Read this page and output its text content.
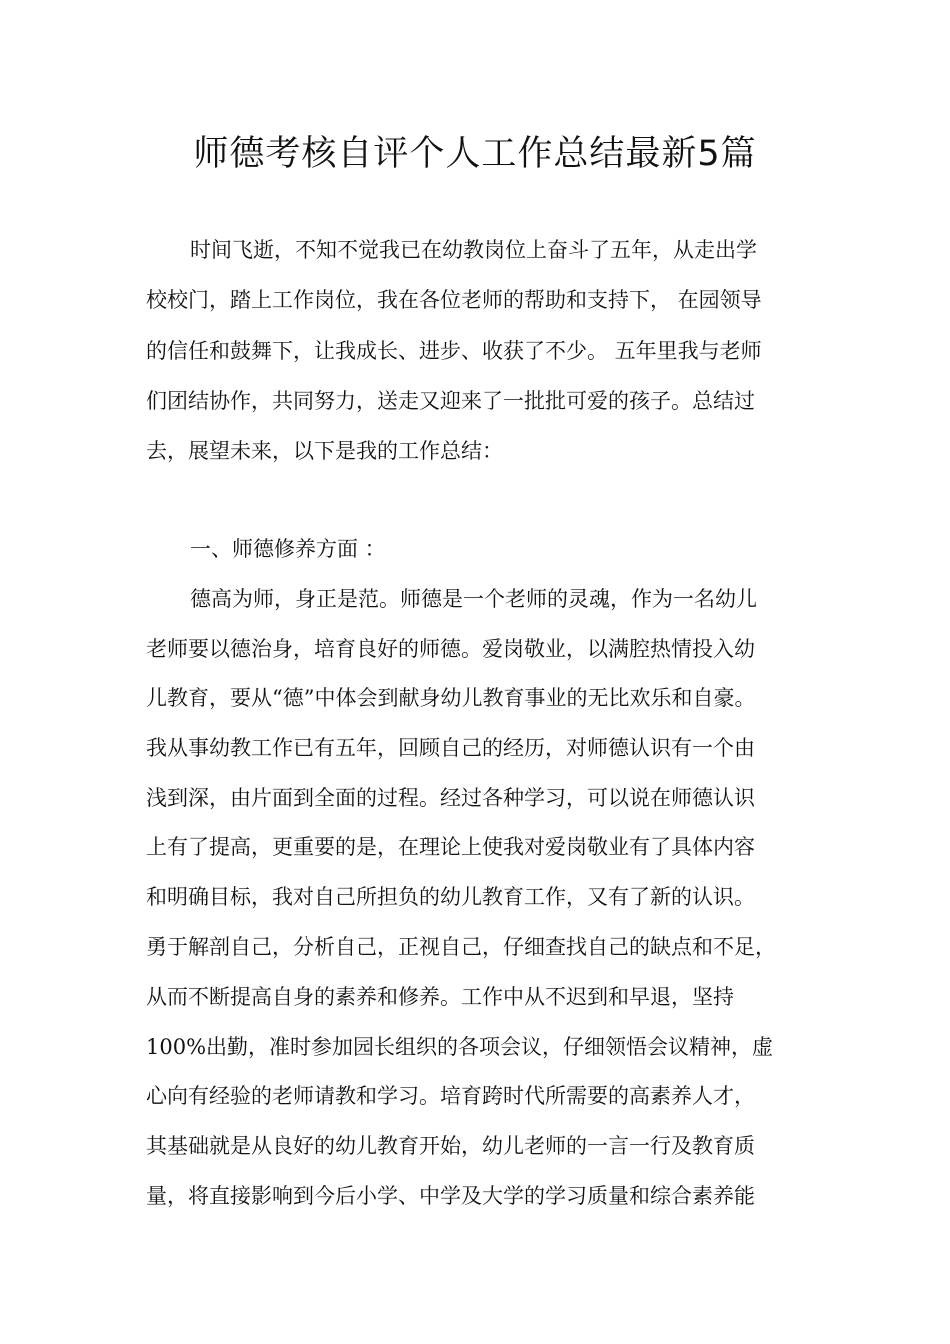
师德考核自评个人工作总结最新5篇
时间飞逝，不知不觉我已在幼教岗位上奋斗了五年，从走出学
校校门，踏上工作岗位，我在各位老师的帮助和支持下， 在园领导
的信任和鼓舞下，让我成长、进步、收获了不少。 五年里我与老师
们团结协作，共同努力，送走又迎来了一批批可爱的孩子。总结过
去，展望未来，以下是我的工作总结：
一、师德修养方面 ：
德高为师，身正是范。师德是一个老师的灵魂，作为一名幼儿
老师要以德治身，培育良好的师德。爱岗敬业，以满腔热情投入幼
儿教育，要从“德”中体会到献身幼儿教育事业的无比欢乐和自豪。
我从事幼教工作已有五年，回顾自己的经历，对师德认识有一个由
浅到深，由片面到全面的过程。经过各种学习，可以说在师德认识
上有了提高，更重要的是，在理论上使我对爱岗敬业有了具体内容
和明确目标，我对自己所担负的幼儿教育工作，又有了新的认识。
勇于解剖自己，分析自己，正视自己，仔细查找自己的缺点和不足，
从而不断提高自身的素养和修养。工作中从不迟到和早退，坚持
100%出勤，准时参加园长组织的各项会议，仔细领悟会议精神，虚
心向有经验的老师请教和学习。培育跨时代所需要的高素养人才，
其基础就是从良好的幼儿教育开始，幼儿老师的一言一行及教育质
量，将直接影响到今后小学、中学及大学的学习质量和综合素养能
